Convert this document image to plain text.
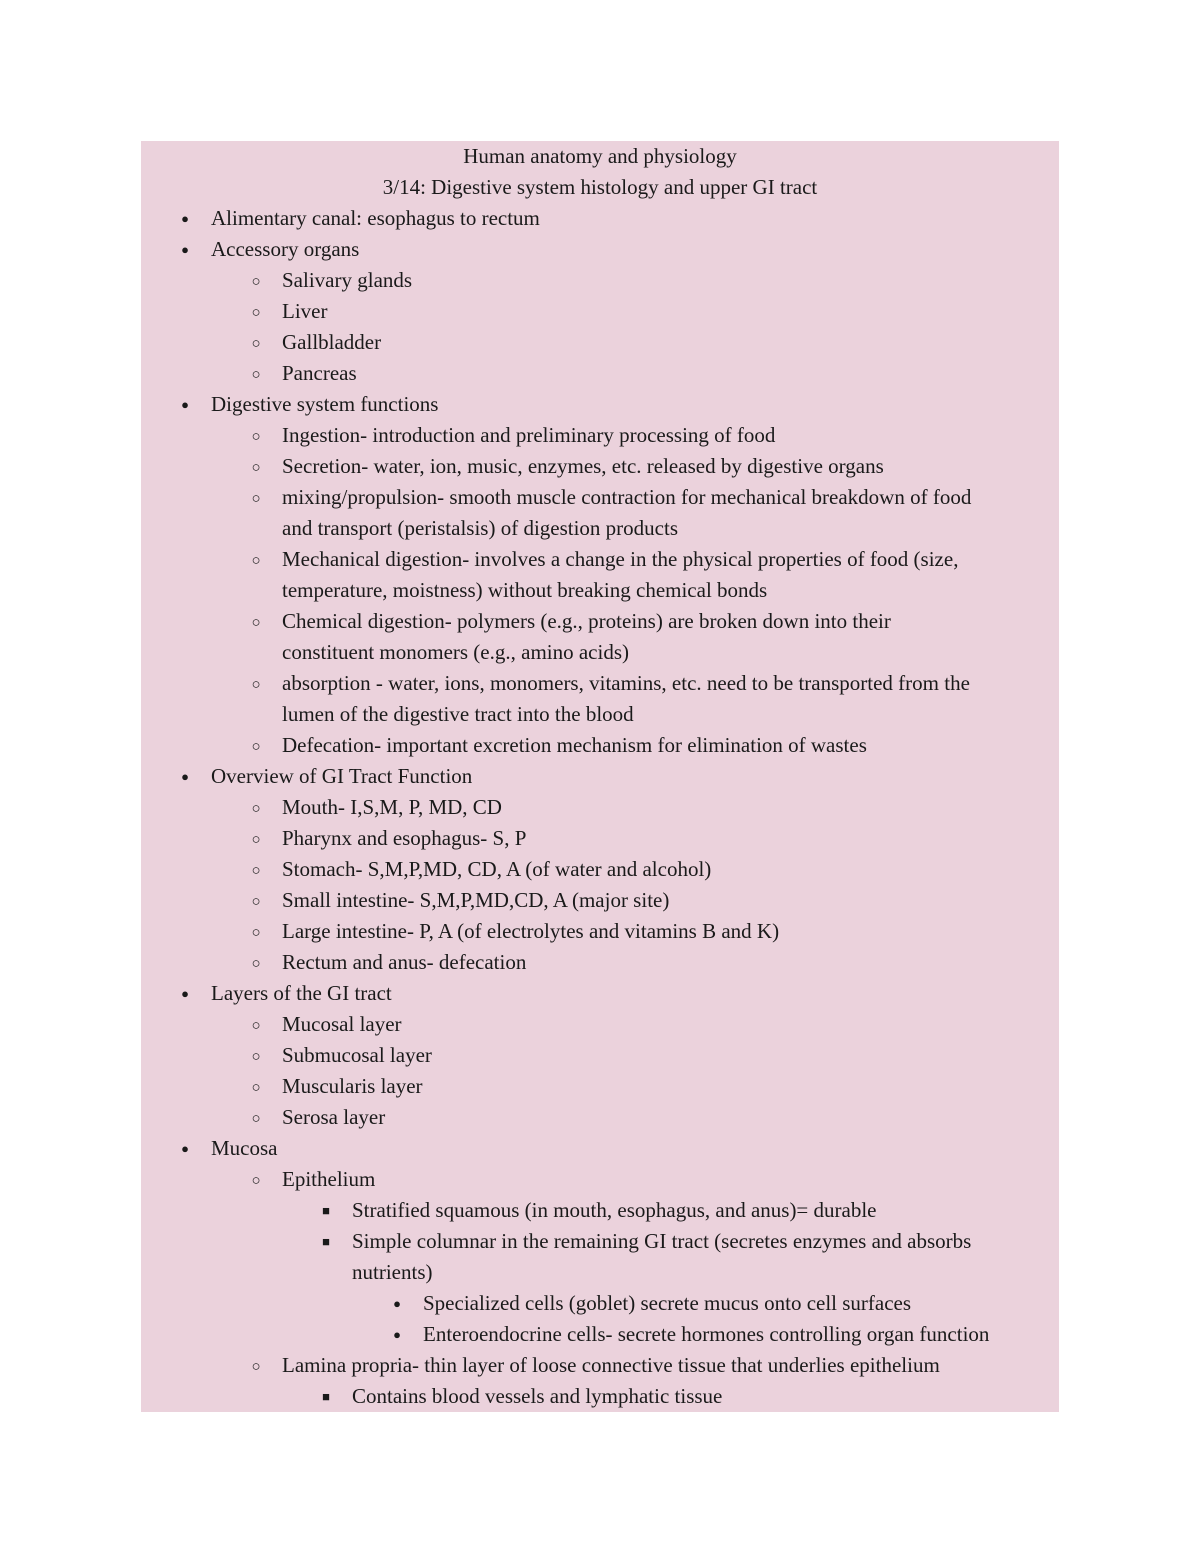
Human anatomy and physiology
3/14: Digestive system histology and upper GI tract
●
Alimentary canal: esophagus to rectum
●
Accessory organs
○
Salivary glands
○
Liver
○
Gallbladder
○
Pancreas
●
Digestive system functions
○
Ingestion- introduction and preliminary processing of food
○
Secretion- water, ion, music, enzymes, etc. released by digestive organs
○
mixing/propulsion- smooth muscle contraction for mechanical breakdown of food
and transport (peristalsis) of digestion products
○
Mechanical digestion- involves a change in the physical properties of food (size,
temperature, moistness) without breaking chemical bonds
○
Chemical digestion- polymers (e.g., proteins) are broken down into their
constituent monomers (e.g., amino acids)
○
absorption - water, ions, monomers, vitamins, etc. need to be transported from the
lumen of the digestive tract into the blood
○
Defecation- important excretion mechanism for elimination of wastes
●
Overview of GI Tract Function
○
Mouth- I,S,M, P, MD, CD
○
Pharynx and esophagus- S, P
○
Stomach- S,M,P,MD, CD, A (of water and alcohol)
○
Small intestine- S,M,P,MD,CD, A (major site)
○
Large intestine- P, A (of electrolytes and vitamins B and K)
○
Rectum and anus- defecation
●
Layers of the GI tract
○
Mucosal layer
○
Submucosal layer
○
Muscularis layer
○
Serosa layer
●
Mucosa
○
Epithelium
■
Stratified squamous (in mouth, esophagus, and anus)= durable
■
Simple columnar in the remaining GI tract (secretes enzymes and absorbs
nutrients)
●
Specialized cells (goblet) secrete mucus onto cell surfaces
●
Enteroendocrine cells- secrete hormones controlling organ function
○
Lamina propria- thin layer of loose connective tissue that underlies epithelium
■
Contains blood vessels and lymphatic tissue
